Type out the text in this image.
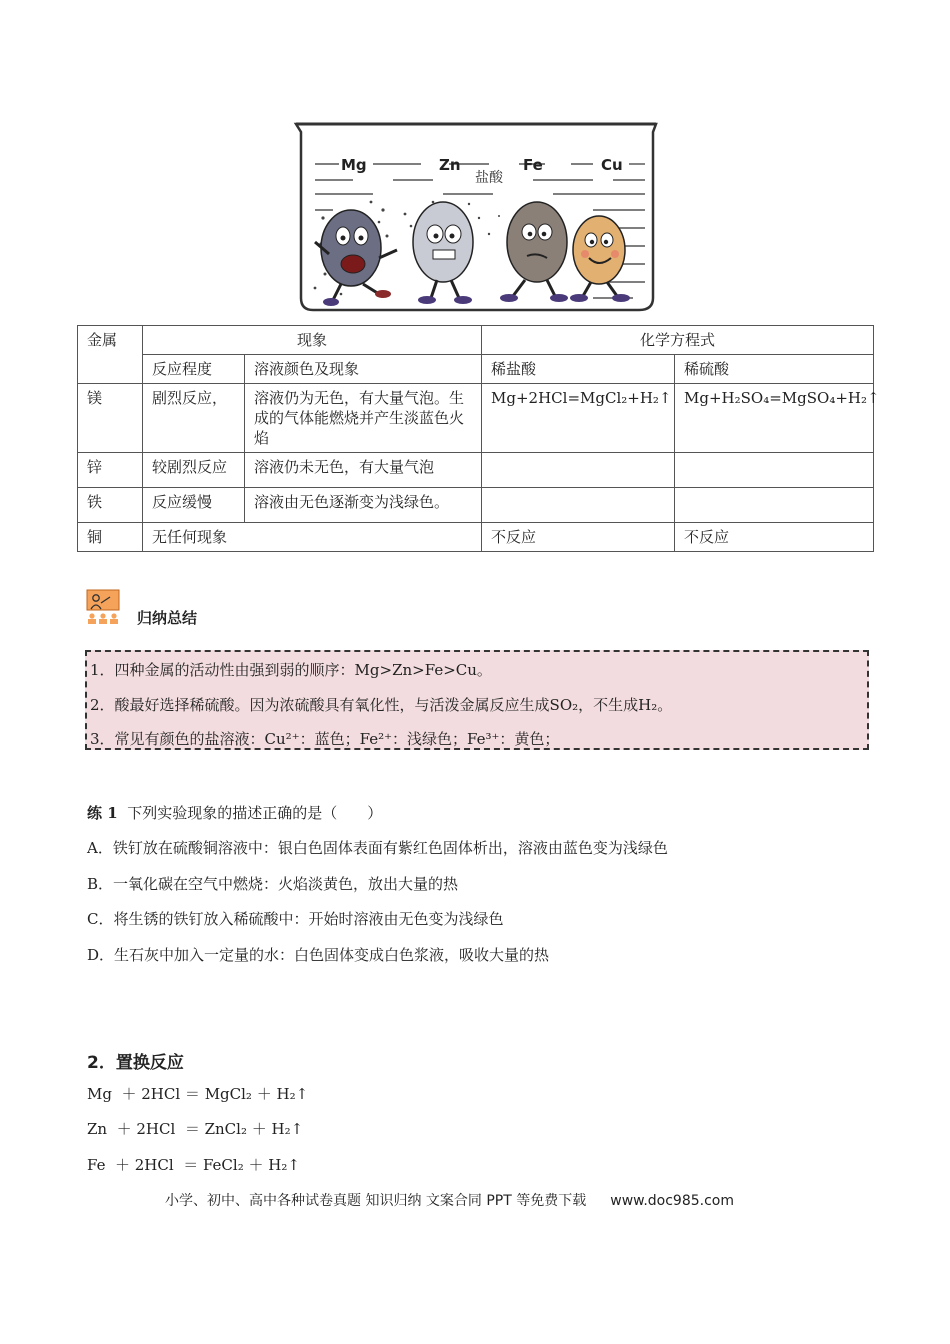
Mg	Zn	Fe	Cu
盐酸
金属	现象		化学方程式	
	反应程度	溶液颜色及现象	稀盐酸	稀硫酸
镁	剧烈反应，	溶液仍为无色，有大量气泡。生成的气体能燃烧并产生淡蓝色火焰	Mg+2HCl=MgCl₂+H₂↑	Mg+H₂SO₄=MgSO₄+H₂↑
锌	较剧烈反应	溶液仍未无色，有大量气泡		
铁	反应缓慢	溶液由无色逐渐变为浅绿色。		
铜	无任何现象		不反应	不反应
归纳总结
1．四种金属的活动性由强到弱的顺序：Mg>Zn>Fe>Cu。
2．酸最好选择稀硫酸。因为浓硫酸具有氧化性，与活泼金属反应生成SO₂，不生成H₂。
3．常见有颜色的盐溶液：Cu²⁺：蓝色；Fe²⁺：浅绿色；Fe³⁺：黄色；
练 1 下列实验现象的描述正确的是（　　）
A．铁钉放在硫酸铜溶液中：银白色固体表面有紫红色固体析出，溶液由蓝色变为浅绿色
B．一氧化碳在空气中燃烧：火焰淡黄色，放出大量的热
C．将生锈的铁钉放入稀硫酸中：开始时溶液由无色变为浅绿色
D．生石灰中加入一定量的水：白色固体变成白色浆液，吸收大量的热
2．置换反应
Mg  ＋ 2HCl ＝ MgCl₂ ＋ H₂↑
Zn  ＋ 2HCl  ＝ ZnCl₂ ＋ H₂↑
Fe  ＋ 2HCl  ＝ FeCl₂ ＋ H₂↑
小学、初中、高中各种试卷真题 知识归纳 文案合同 PPT 等免费下载 www.doc985.com
